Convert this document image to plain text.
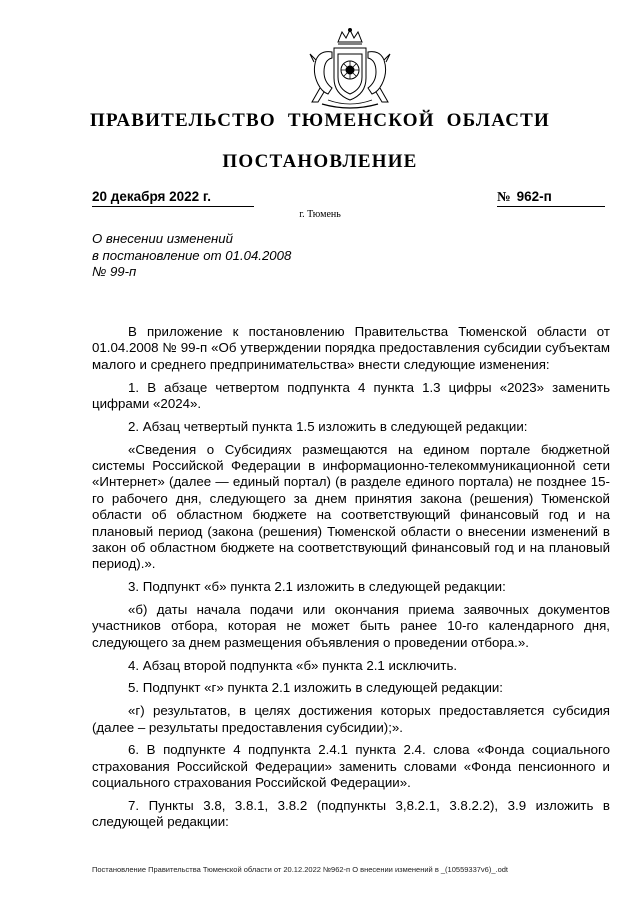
ПРАВИТЕЛЬСТВО ТЮМЕНСКОЙ ОБЛАСТИ
ПОСТАНОВЛЕНИЕ
20 декабря 2022 г.	№ 962-п
г. Тюмень
О внесении изменений
в постановление от 01.04.2008
№ 99-п

В приложение к постановлению Правительства Тюменской области от 01.04.2008 № 99-п «Об утверждении порядка предоставления субсидии субъектам малого и среднего предпринимательства» внести следующие изменения:

1. В абзаце четвертом подпункта 4 пункта 1.3 цифры «2023» заменить цифрами «2024».

2. Абзац четвертый пункта 1.5 изложить в следующей редакции:

«Сведения о Субсидиях размещаются на едином портале бюджетной системы Российской Федерации в информационно-телекоммуникационной сети «Интернет» (далее — единый портал) (в разделе единого портала) не позднее 15-го рабочего дня, следующего за днем принятия закона (решения) Тюменской области об областном бюджете на соответствующий финансовый год и на плановый период (закона (решения) Тюменской области о внесении изменений в закон об областном бюджете на соответствующий финансовый год и на плановый период).».

3. Подпункт «б» пункта 2.1 изложить в следующей редакции:

«б) даты начала подачи или окончания приема заявочных документов участников отбора, которая не может быть ранее 10-го календарного дня, следующего за днем размещения объявления о проведении отбора.».

4. Абзац второй подпункта «б» пункта 2.1 исключить.

5. Подпункт «г» пункта 2.1 изложить в следующей редакции:

«г) результатов, в целях достижения которых предоставляется субсидия (далее – результаты предоставления субсидии);».

6. В подпункте 4 подпункта 2.4.1 пункта 2.4. слова «Фонда социального страхования Российской Федерации» заменить словами «Фонда пенсионного и социального страхования Российской Федерации».

7. Пункты 3.8, 3.8.1, 3.8.2 (подпункты 3,8.2.1, 3.8.2.2), 3.9 изложить в следующей редакции:

Постановление Правительства Тюменской области от 20.12.2022 №962-п О внесении изменений в _(10559337v6)_.odt
